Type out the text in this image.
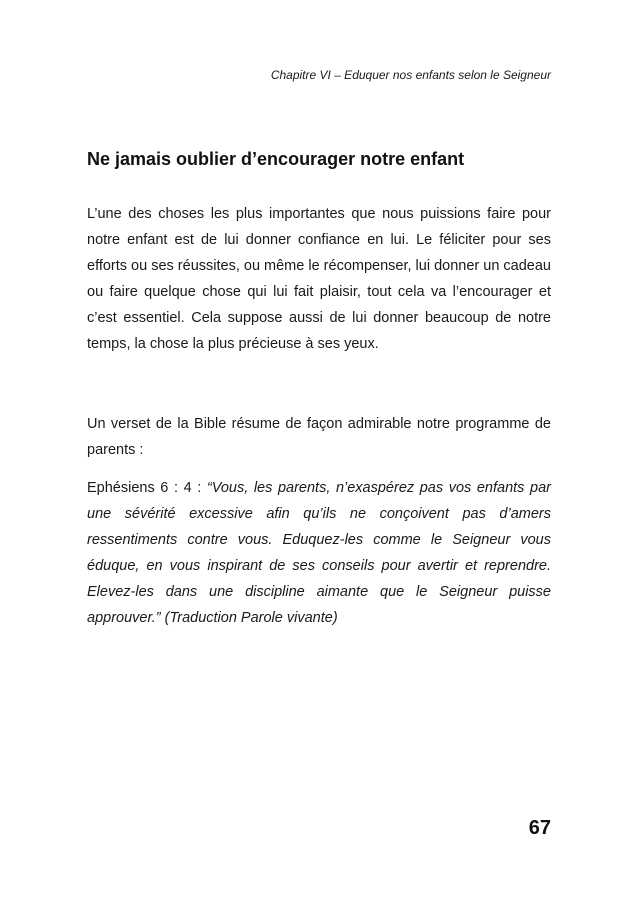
Chapitre VI – Eduquer nos enfants selon le Seigneur
Ne jamais oublier d’encourager notre enfant

L’une des choses les plus importantes que nous puissions faire pour notre enfant est de lui donner confiance en lui. Le féliciter pour ses efforts ou ses réussites, ou même le récompenser, lui donner un cadeau ou faire quelque chose qui lui fait plaisir, tout cela va l’encourager et c’est essentiel. Cela suppose aussi de lui donner beaucoup de notre temps, la chose la plus précieuse à ses yeux.

Un verset de la Bible résume de façon admirable notre programme de parents :

Ephésiens 6 : 4 : “Vous, les parents, n’exaspérez pas vos enfants par une sévérité excessive afin qu’ils ne conçoivent pas d’amers ressentiments contre vous. Eduquez-les comme le Seigneur vous éduque, en vous inspirant de ses conseils pour avertir et reprendre. Elevez-les dans une discipline aimante que le Seigneur puisse approuver.” (Traduction Parole vivante)

67
